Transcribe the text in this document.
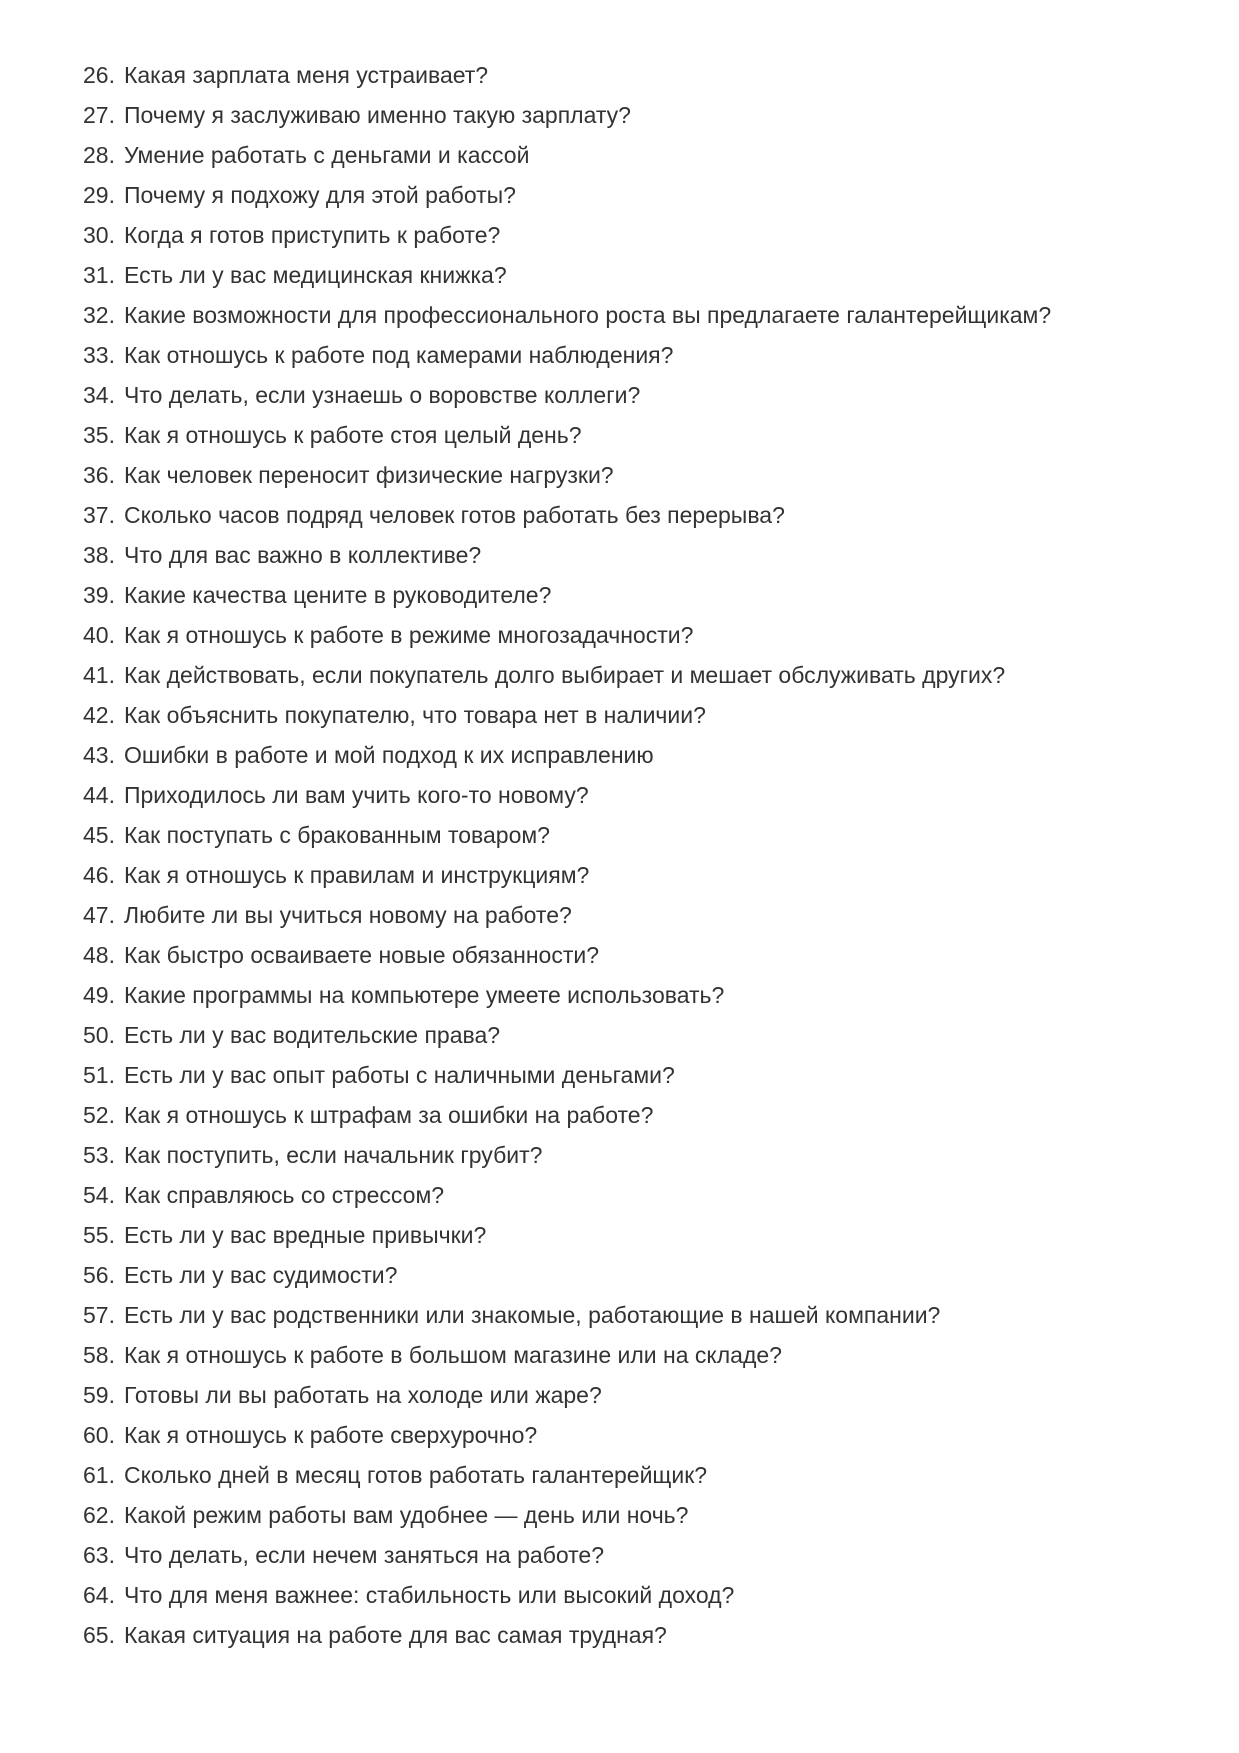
26. Какая зарплата меня устраивает?
27. Почему я заслуживаю именно такую зарплату?
28. Умение работать с деньгами и кассой
29. Почему я подхожу для этой работы?
30. Когда я готов приступить к работе?
31. Есть ли у вас медицинская книжка?
32. Какие возможности для профессионального роста вы предлагаете галантерейщикам?
33. Как отношусь к работе под камерами наблюдения?
34. Что делать, если узнаешь о воровстве коллеги?
35. Как я отношусь к работе стоя целый день?
36. Как человек переносит физические нагрузки?
37. Сколько часов подряд человек готов работать без перерыва?
38. Что для вас важно в коллективе?
39. Какие качества цените в руководителе?
40. Как я отношусь к работе в режиме многозадачности?
41. Как действовать, если покупатель долго выбирает и мешает обслуживать других?
42. Как объяснить покупателю, что товара нет в наличии?
43. Ошибки в работе и мой подход к их исправлению
44. Приходилось ли вам учить кого-то новому?
45. Как поступать с бракованным товаром?
46. Как я отношусь к правилам и инструкциям?
47. Любите ли вы учиться новому на работе?
48. Как быстро осваиваете новые обязанности?
49. Какие программы на компьютере умеете использовать?
50. Есть ли у вас водительские права?
51. Есть ли у вас опыт работы с наличными деньгами?
52. Как я отношусь к штрафам за ошибки на работе?
53. Как поступить, если начальник грубит?
54. Как справляюсь со стрессом?
55. Есть ли у вас вредные привычки?
56. Есть ли у вас судимости?
57. Есть ли у вас родственники или знакомые, работающие в нашей компании?
58. Как я отношусь к работе в большом магазине или на складе?
59. Готовы ли вы работать на холоде или жаре?
60. Как я отношусь к работе сверхурочно?
61. Сколько дней в месяц готов работать галантерейщик?
62. Какой режим работы вам удобнее — день или ночь?
63. Что делать, если нечем заняться на работе?
64. Что для меня важнее: стабильность или высокий доход?
65. Какая ситуация на работе для вас самая трудная?
